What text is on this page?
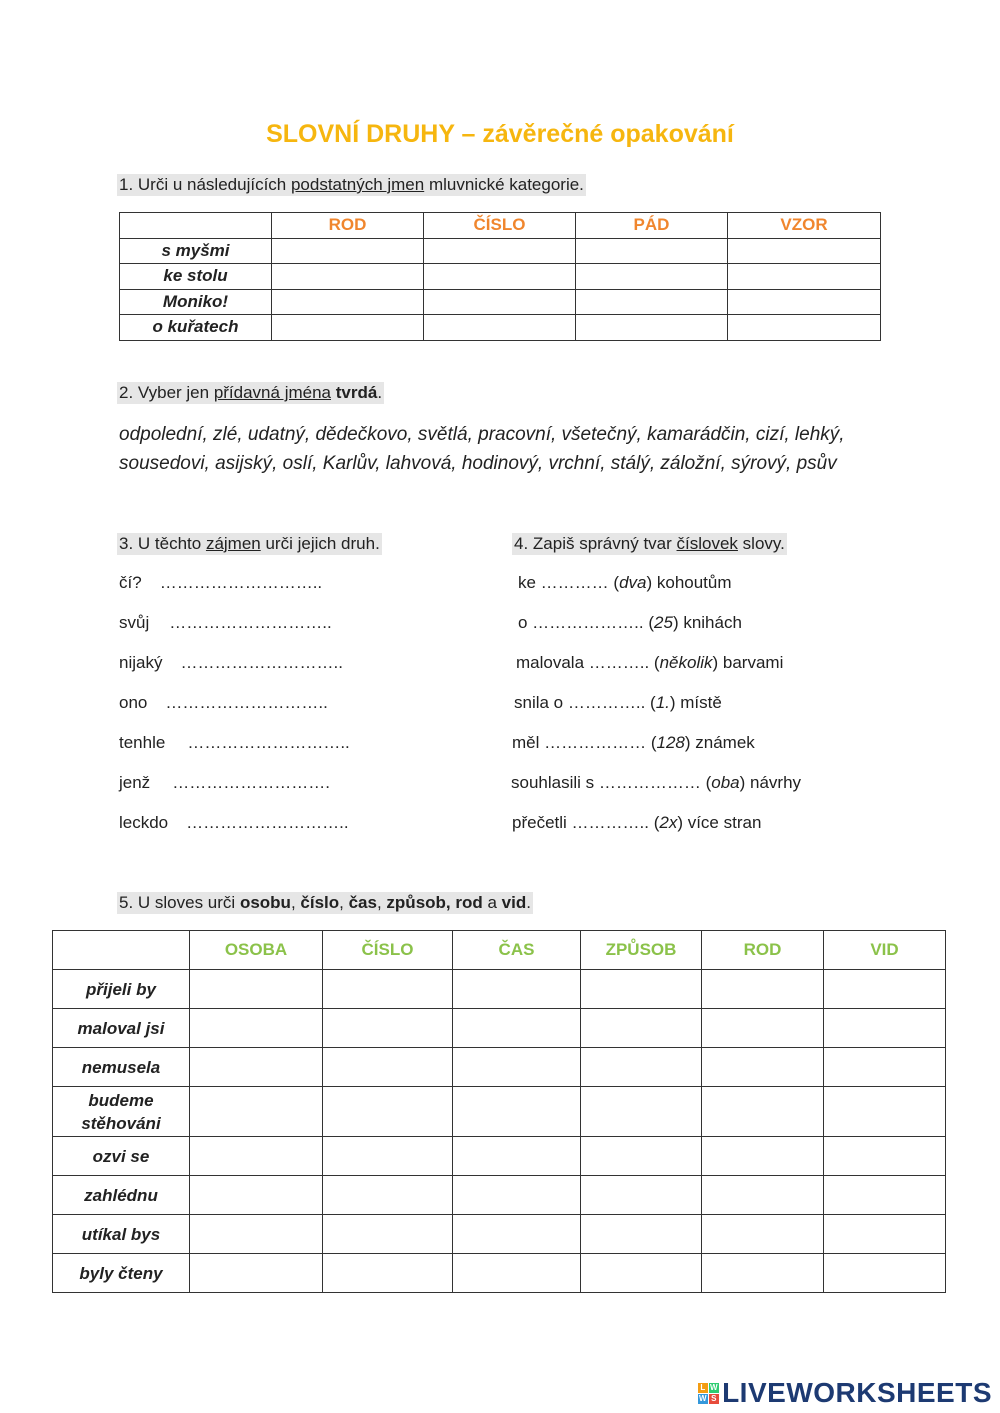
SLOVNÍ DRUHY – závěrečné opakování
1. Urči u následujících podstatných jmen mluvnické kategorie.
	ROD	ČÍSLO	PÁD	VZOR
s myšmi				
ke stolu				
Moniko!				
o kuřatech				
2. Vyber jen přídavná jména tvrdá.
odpolední, zlé, udatný, dědečkovo, světlá, pracovní, všetečný, kamarádčin, cizí, lehký,
sousedovi, asijský, oslí, Karlův, lahvová, hodinový, vrchní, stálý, záložní, sýrový, psův
3. U těchto zájmen urči jejich druh.
čí? ………………………..
svůj ………………………..
nijaký ………………………..
ono ………………………..
tenhle ………………………..
jenž ……………………….
leckdo ………………………..
4. Zapiš správný tvar číslovek slovy.
ke ………… (dva) kohoutům
o ……………….. (25) knihách
malovala ……….. (několik) barvami
snila o ………….. (1.) místě
měl ……………… (128) známek
souhlasili s ……………… (oba) návrhy
přečetli ………….. (2x) více stran
5. U sloves urči osobu, číslo, čas, způsob, rod a vid.
	OSOBA	ČÍSLO	ČAS	ZPŮSOB	ROD	VID
přijeli by						
maloval jsi						
nemusela						
budeme stěhováni						
ozvi se						
zahlédnu						
utíkal bys						
byly čteny						
L W
W S LIVEWORKSHEETS
